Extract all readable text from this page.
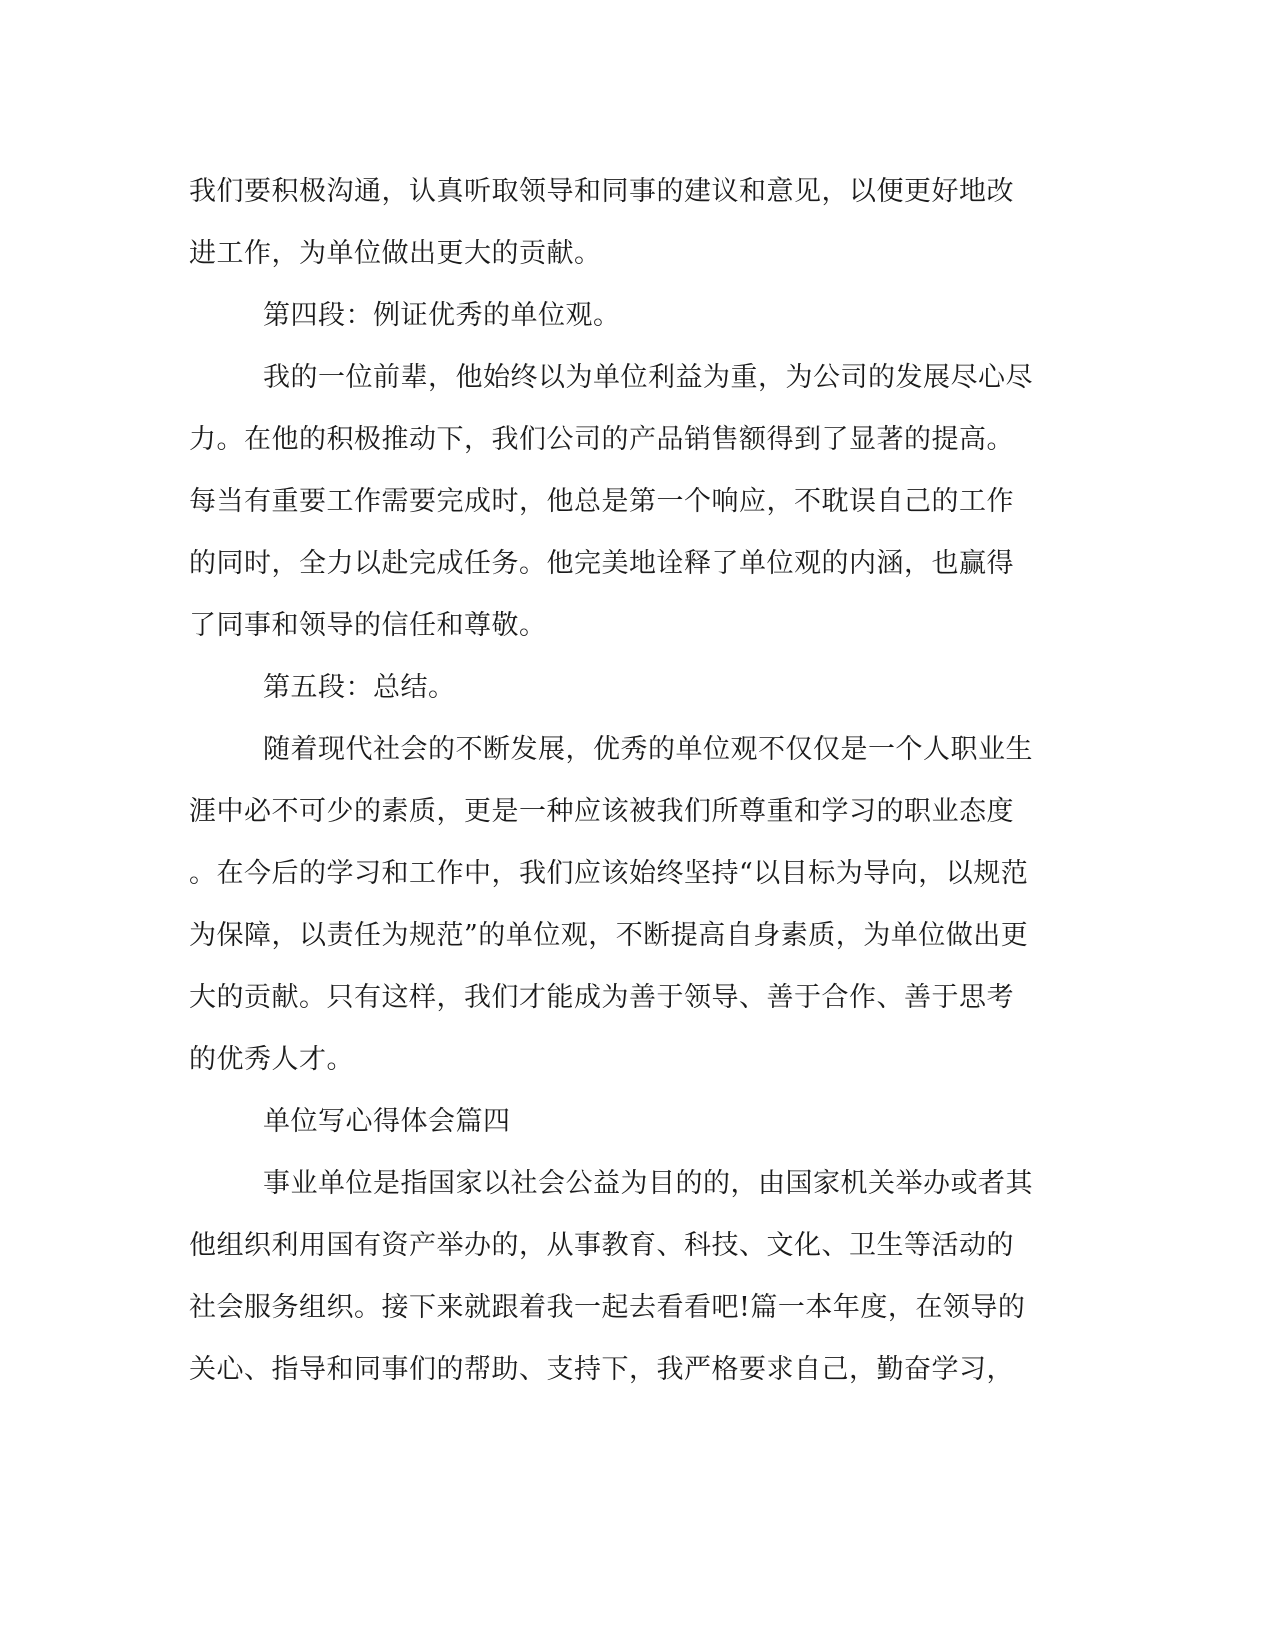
我们要积极沟通，认真听取领导和同事的建议和意见，以便更好地改
进工作，为单位做出更大的贡献。
第四段：例证优秀的单位观。
我的一位前辈，他始终以为单位利益为重，为公司的发展尽心尽
力。在他的积极推动下，我们公司的产品销售额得到了显著的提高。
每当有重要工作需要完成时，他总是第一个响应，不耽误自己的工作
的同时，全力以赴完成任务。他完美地诠释了单位观的内涵，也赢得
了同事和领导的信任和尊敬。
第五段：总结。
随着现代社会的不断发展，优秀的单位观不仅仅是一个人职业生
涯中必不可少的素质，更是一种应该被我们所尊重和学习的职业态度
。在今后的学习和工作中，我们应该始终坚持“以目标为导向，以规范
为保障，以责任为规范”的单位观，不断提高自身素质，为单位做出更
大的贡献。只有这样，我们才能成为善于领导、善于合作、善于思考
的优秀人才。
单位写心得体会篇四
事业单位是指国家以社会公益为目的的，由国家机关举办或者其
他组织利用国有资产举办的，从事教育、科技、文化、卫生等活动的
社会服务组织。接下来就跟着我一起去看看吧!篇一本年度，在领导的
关心、指导和同事们的帮助、支持下，我严格要求自己，勤奋学习，
